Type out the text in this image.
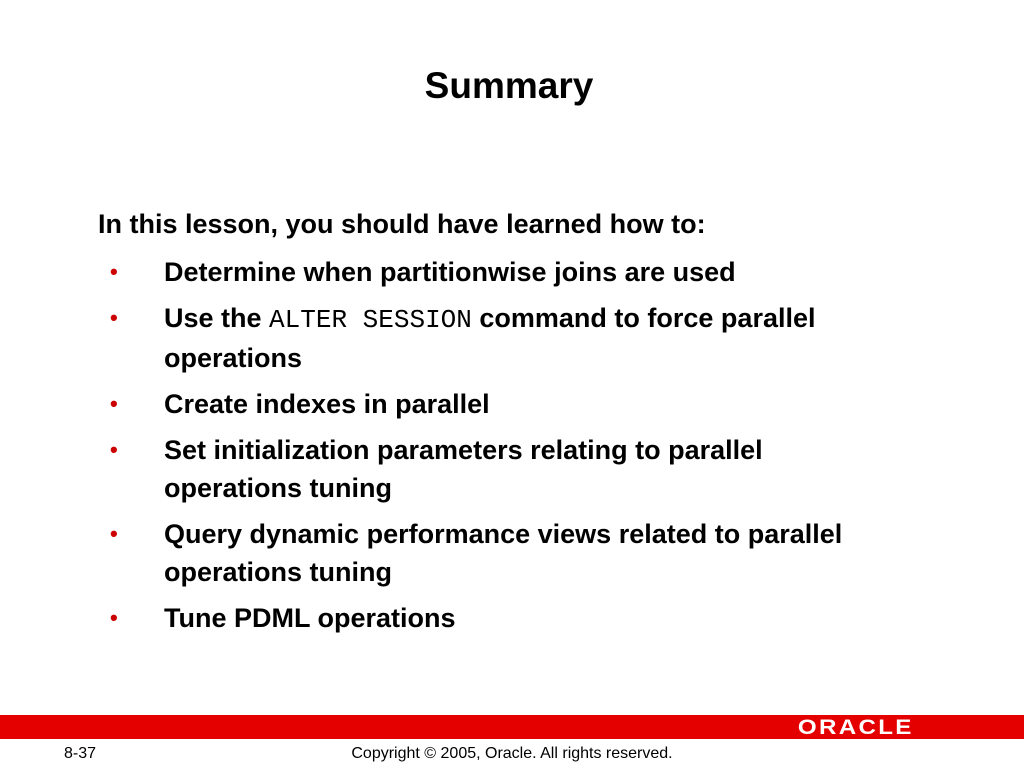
Summary

In this lesson, you should have learned how to:

• Determine when partitionwise joins are used
• Use the ALTER SESSION command to force parallel operations
• Create indexes in parallel
• Set initialization parameters relating to parallel operations tuning
• Query dynamic performance views related to parallel operations tuning
• Tune PDML operations
ORACLE
8-37	Copyright © 2005, Oracle. All rights reserved.
